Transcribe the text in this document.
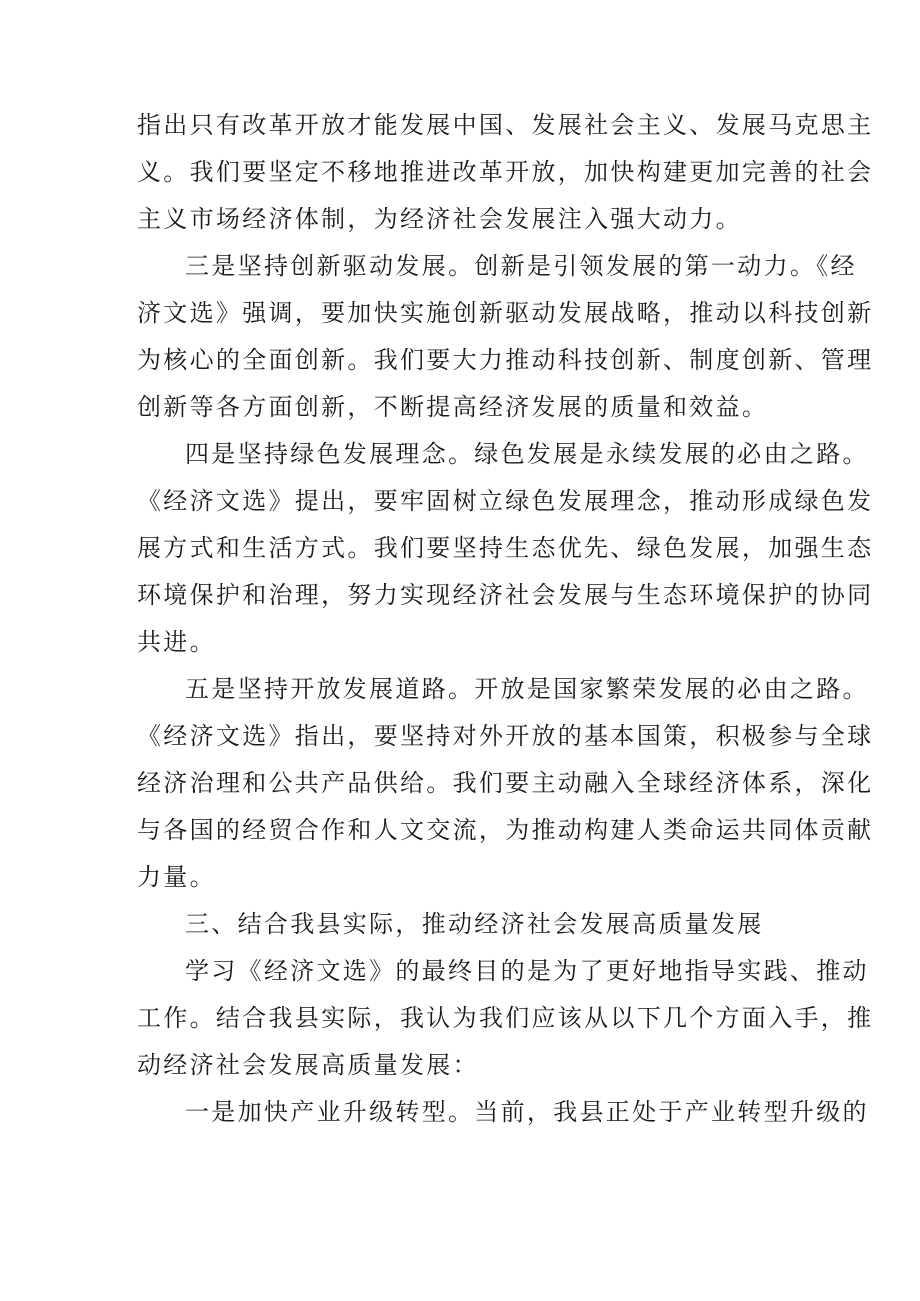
指出只有改革开放才能发展中国、发展社会主义、发展马克思主

义。我们要坚定不移地推进改革开放，加快构建更加完善的社会

主义市场经济体制，为经济社会发展注入强大动力。

三是坚持创新驱动发展。创新是引领发展的第一动力。《经

济文选》强调，要加快实施创新驱动发展战略，推动以科技创新

为核心的全面创新。我们要大力推动科技创新、制度创新、管理

创新等各方面创新，不断提高经济发展的质量和效益。

四是坚持绿色发展理念。绿色发展是永续发展的必由之路。

《经济文选》提出，要牢固树立绿色发展理念，推动形成绿色发

展方式和生活方式。我们要坚持生态优先、绿色发展，加强生态

环境保护和治理，努力实现经济社会发展与生态环境保护的协同

共进。

五是坚持开放发展道路。开放是国家繁荣发展的必由之路。

《经济文选》指出，要坚持对外开放的基本国策，积极参与全球

经济治理和公共产品供给。我们要主动融入全球经济体系，深化

与各国的经贸合作和人文交流，为推动构建人类命运共同体贡献

力量。

三、结合我县实际，推动经济社会发展高质量发展

学习《经济文选》的最终目的是为了更好地指导实践、推动

工作。结合我县实际，我认为我们应该从以下几个方面入手，推

动经济社会发展高质量发展：

一是加快产业升级转型。当前，我县正处于产业转型升级的
